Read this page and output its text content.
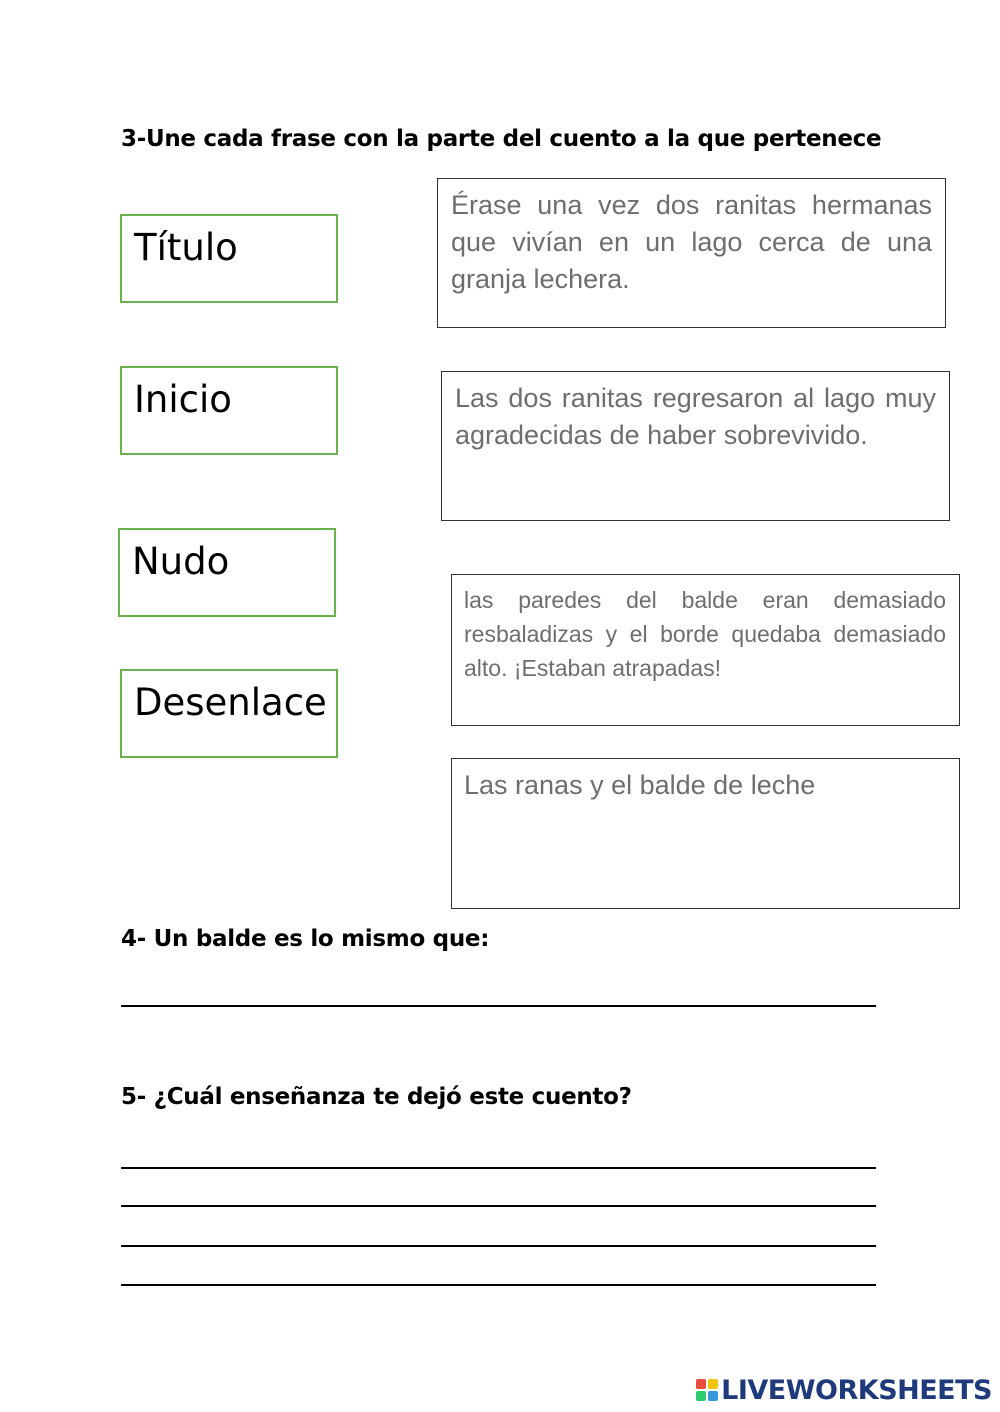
3-Une cada frase con la parte del cuento a la que pertenece
Título
Inicio
Nudo
Desenlace

Érase una vez dos ranitas hermanas que vivían en un lago cerca de una granja lechera.

Las dos ranitas regresaron al lago muy agradecidas de haber sobrevivido.

las paredes del balde eran demasiado resbaladizas y el borde quedaba demasiado alto. ¡Estaban atrapadas!

Las ranas y el balde de leche

4- Un balde es lo mismo que:
5- ¿Cuál enseñanza te dejó este cuento?
LIVEWORKSHEETS
